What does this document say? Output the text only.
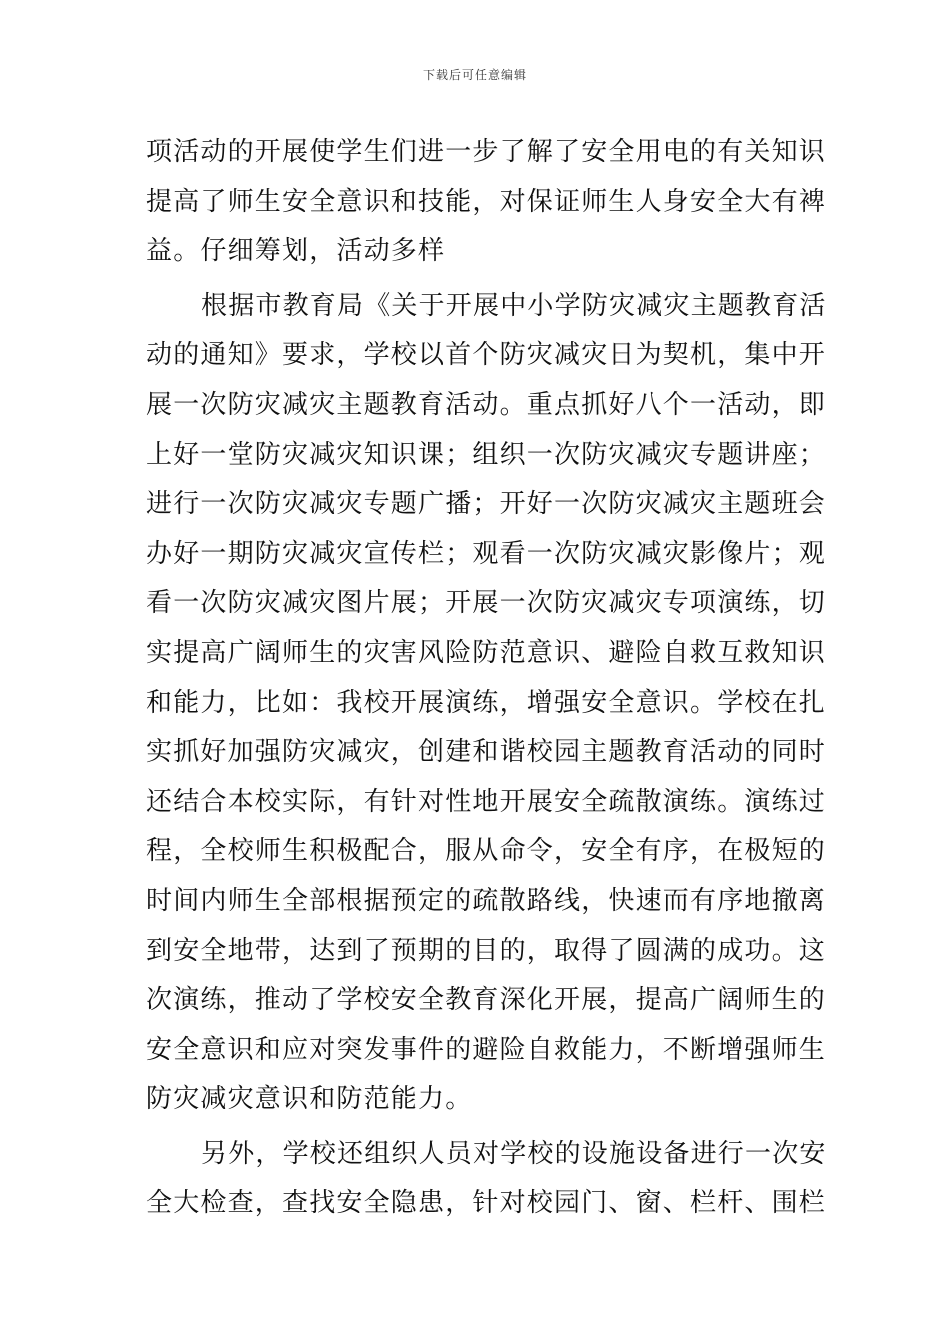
下载后可任意编辑
项活动的开展使学生们进一步了解了安全用电的有关知识
提高了师生安全意识和技能，对保证师生人身安全大有裨
益。仔细筹划，活动多样
根据市教育局《关于开展中小学防灾减灾主题教育活
动的通知》要求，学校以首个防灾减灾日为契机，集中开
展一次防灾减灾主题教育活动。重点抓好八个一活动，即
上好一堂防灾减灾知识课；组织一次防灾减灾专题讲座；
进行一次防灾减灾专题广播；开好一次防灾减灾主题班会
办好一期防灾减灾宣传栏；观看一次防灾减灾影像片；观
看一次防灾减灾图片展；开展一次防灾减灾专项演练，切
实提高广阔师生的灾害风险防范意识、避险自救互救知识
和能力，比如：我校开展演练，增强安全意识。学校在扎
实抓好加强防灾减灾，创建和谐校园主题教育活动的同时
还结合本校实际，有针对性地开展安全疏散演练。演练过
程，全校师生积极配合，服从命令，安全有序，在极短的
时间内师生全部根据预定的疏散路线，快速而有序地撤离
到安全地带，达到了预期的目的，取得了圆满的成功。这
次演练，推动了学校安全教育深化开展，提高广阔师生的
安全意识和应对突发事件的避险自救能力，不断增强师生
防灾减灾意识和防范能力。
另外，学校还组织人员对学校的设施设备进行一次安
全大检查，查找安全隐患，针对校园门、窗、栏杆、围栏
